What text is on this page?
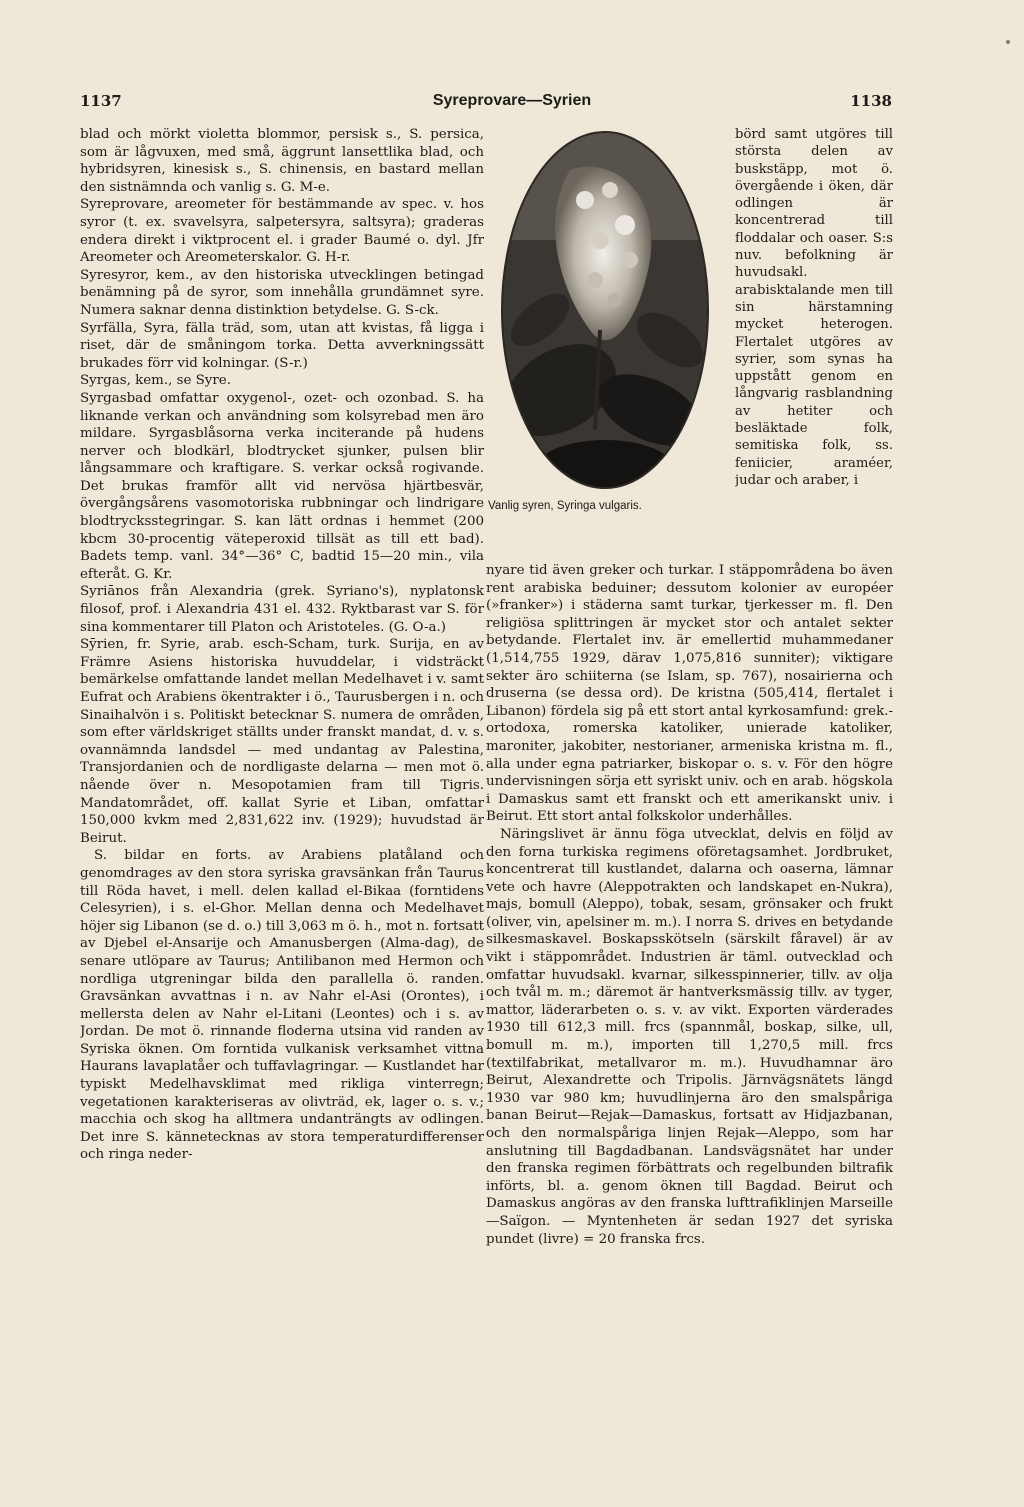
1137	Syreprovare—Syrien	1138

blad och mörkt violetta blommor, persisk s., S. persica, som är lågvuxen, med små, äggrunt lansettlika blad, och hybridsyren, kinesisk s., S. chinensis, en bastard mellan den sistnämnda och vanlig s. G. M-e.

Syreprovare, areometer för bestämmande av spec. v. hos syror (t. ex. svavelsyra, salpetersyra, saltsyra); graderas endera direkt i viktprocent el. i grader Baumé o. dyl. Jfr Areometer och Areometerskalor. G. H-r.

Syresyror, kem., av den historiska utvecklingen betingad benämning på de syror, som innehålla grundämnet syre. Numera saknar denna distinktion betydelse. G. S-ck.

Syrfälla, Syra, fälla träd, som, utan att kvistas, få ligga i riset, där de småningom torka. Detta avverkningssätt brukades förr vid kolningar. (S-r.)

Syrgas, kem., se Syre.

Syrgasbad omfattar oxygenol-, ozet- och ozonbad. S. ha liknande verkan och användning som kolsyrebad men äro mildare. Syrgasblåsorna verka inciterande på hudens nerver och blodkärl, blodtrycket sjunker, pulsen blir långsammare och kraftigare. S. verkar också rogivande. Det brukas framför allt vid nervösa hjärtbesvär, övergångsårens vasomotoriska rubbningar och lindrigare blodtrycksstegringar. S. kan lätt ordnas i hemmet (200 kbcm 30-procentig väteperoxid tillsät as till ett bad). Badets temp. vanl. 34°—36° C, badtid 15—20 min., vila efteråt. G. Kr.

Syriānos från Alexandria (grek. Syriano's), nyplatonsk filosof, prof. i Alexandria 431 el. 432. Ryktbarast var S. för sina kommentarer till Platon och Aristoteles. (G. O-a.)

Sȳrien, fr. Syrie, arab. esch-Scham, turk. Surija, en av Främre Asiens historiska huvuddelar, i vidsträckt bemärkelse omfattande landet mellan Medelhavet i v. samt Eufrat och Arabiens ökentrakter i ö., Taurusbergen i n. och Sinaihalvön i s. Politiskt betecknar S. numera de områden, som efter världskriget ställts under franskt mandat, d. v. s. ovannämnda landsdel — med undantag av Palestina, Transjordanien och de nordligaste delarna — men mot ö. nående över n. Mesopotamien fram till Tigris. Mandatområdet, off. kallat Syrie et Liban, omfattar 150,000 kvkm med 2,831,622 inv. (1929); huvudstad är Beirut.

S. bildar en forts. av Arabiens platåland och genomdrages av den stora syriska gravsänkan från Taurus till Röda havet, i mell. delen kallad el-Bikaa (forntidens Celesyrien), i s. el-Ghor. Mellan denna och Medelhavet höjer sig Libanon (se d. o.) till 3,063 m ö. h., mot n. fortsatt av Djebel el-Ansarije och Amanusbergen (Alma-dag), de senare utlöpare av Taurus; Antilibanon med Hermon och nordliga utgreningar bilda den parallella ö. randen. Gravsänkan avvattnas i n. av Nahr el-Asi (Orontes), i mellersta delen av Nahr el-Litani (Leontes) och i s. av Jordan. De mot ö. rinnande floderna utsina vid randen av Syriska öknen. Om forntida vulkanisk verksamhet vittna Haurans lavaplatåer och tuffavlagringar. — Kustlandet har typiskt Medelhavsklimat med rikliga vinterregn; vegetationen karakteriseras av olivträd, ek, lager o. s. v.; macchia och skog ha alltmera undanträngts av odlingen. Det inre S. kännetecknas av stora temperaturdifferenser och ringa neder-

Vanlig syren, Syringa vulgaris.

börd samt utgöres till största delen av buskstäpp, mot ö. övergående i öken, där odlingen är koncentrerad till floddalar och oaser. S:s nuv. befolkning är huvudsakl. arabisktalande men till sin härstamning mycket heterogen. Flertalet utgöres av syrier, som synas ha uppstått genom en långvarig rasblandning av hetiter och besläktade folk, semitiska folk, ss. feniicier, araméer, judar och araber, i

nyare tid även greker och turkar. I stäppområdena bo även rent arabiska beduiner; dessutom kolonier av européer (»franker») i städerna samt turkar, tjerkesser m. fl. Den religiösa splittringen är mycket stor och antalet sekter betydande. Flertalet inv. är emellertid muhammedaner (1,514,755 1929, därav 1,075,816 sunniter); viktigare sekter äro schiiterna (se Islam, sp. 767), nosairierna och druserna (se dessa ord). De kristna (505,414, flertalet i Libanon) fördela sig på ett stort antal kyrkosamfund: grek.-ortodoxa, romerska katoliker, unierade katoliker, maroniter, jakobiter, nestorianer, armeniska kristna m. fl., alla under egna patriarker, biskopar o. s. v. För den högre undervisningen sörja ett syriskt univ. och en arab. högskola i Damaskus samt ett franskt och ett amerikanskt univ. i Beirut. Ett stort antal folkskolor underhålles.

Näringslivet är ännu föga utvecklat, delvis en följd av den forna turkiska regimens oföretagsamhet. Jordbruket, koncentrerat till kustlandet, dalarna och oaserna, lämnar vete och havre (Aleppotrakten och landskapet en-Nukra), majs, bomull (Aleppo), tobak, sesam, grönsaker och frukt (oliver, vin, apelsiner m. m.). I norra S. drives en betydande silkesmaskavel. Boskapsskötseln (särskilt fåravel) är av vikt i stäppområdet. Industrien är täml. outvecklad och omfattar huvudsakl. kvarnar, silkesspinnerier, tillv. av olja och tvål m. m.; däremot är hantverksmässig tillv. av tyger, mattor, läderarbeten o. s. v. av vikt. Exporten värderades 1930 till 612,3 mill. frcs (spannmål, boskap, silke, ull, bomull m. m.), importen till 1,270,5 mill. frcs (textilfabrikat, metallvaror m. m.). Huvudhamnar äro Beirut, Alexandrette och Tripolis. Järnvägsnätets längd 1930 var 980 km; huvudlinjerna äro den smalspåriga banan Beirut—Rejak—Damaskus, fortsatt av Hidjazbanan, och den normalspåriga linjen Rejak—Aleppo, som har anslutning till Bagdadbanan. Landsvägsnätet har under den franska regimen förbättrats och regelbunden biltrafik införts, bl. a. genom öknen till Bagdad. Beirut och Damaskus angöras av den franska lufttrafiklinjen Marseille—Saïgon. — Myntenheten är sedan 1927 det syriska pundet (livre) = 20 franska frcs.
